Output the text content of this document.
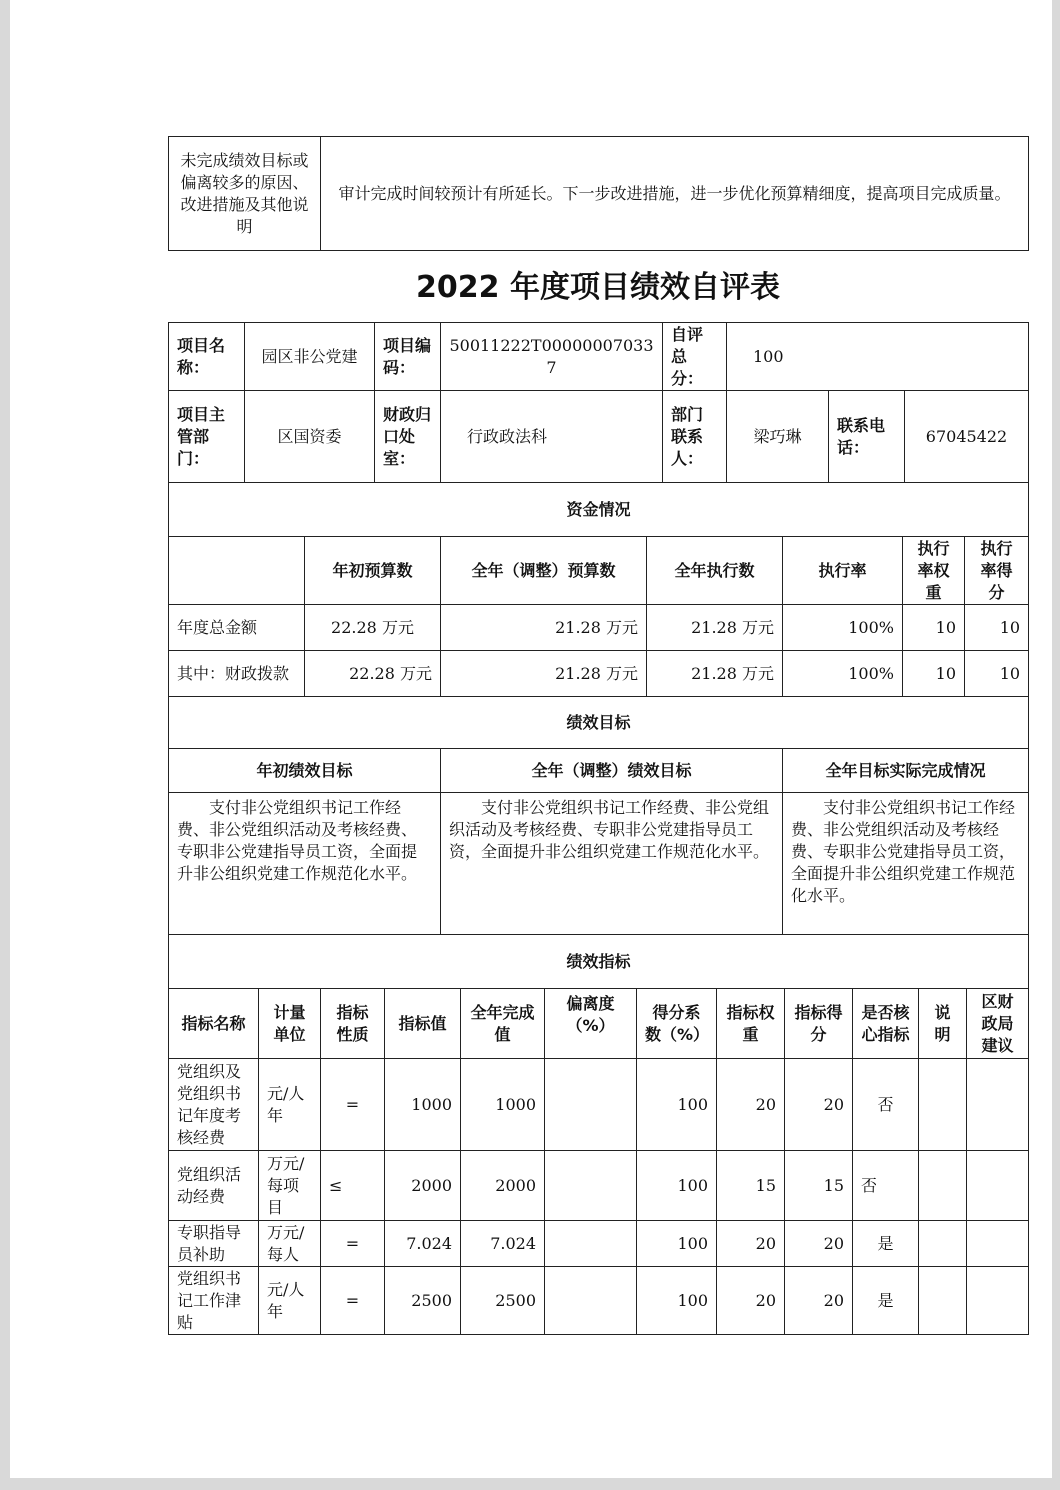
未完成绩效目标或偏离较多的原因、改进措施及其他说明	审计完成时间较预计有所延长。下一步改进措施，进一步优化预算精细度，提高项目完成质量。
2022 年度项目绩效自评表
项目名称：	园区非公党建	项目编码：	50011222T000000070337	自评总分：	100		
项目主管部门：	区国资委	财政归口处室：	行政政法科	部门联系人：	梁巧琳	联系电话：	67045422
资金情况						
	年初预算数	全年（调整）预算数	全年执行数	执行率	执行率权重	执行率得分
年度总金额	22.28 万元	21.28 万元	21.28 万元	100%	10	10
其中：财政拨款	22.28 万元	21.28 万元	21.28 万元	100%	10	10
绩效目标		
年初绩效目标	全年（调整）绩效目标	全年目标实际完成情况
支付非公党组织书记工作经费、非公党组织活动及考核经费、专职非公党建指导员工资，全面提升非公组织党建工作规范化水平。	支付非公党组织书记工作经费、非公党组织活动及考核经费、专职非公党建指导员工资，全面提升非公组织党建工作规范化水平。	支付非公党组织书记工作经费、非公党组织活动及考核经费、专职非公党建指导员工资，全面提升非公组织党建工作规范化水平。
绩效指标											
指标名称	计量单位	指标性质	指标值	全年完成值	偏离度（%）	得分系数（%）	指标权重	指标得分	是否核心指标	说明	区财政局建议
党组织及党组织书记年度考核经费	元/人年	=	1000	1000		100	20	20	否		
党组织活动经费	万元/每项目	≤	2000	2000		100	15	15	否		
专职指导员补助	万元/每人	=	7.024	7.024		100	20	20	是		
党组织书记工作津贴	元/人年	=	2500	2500		100	20	20	是		
